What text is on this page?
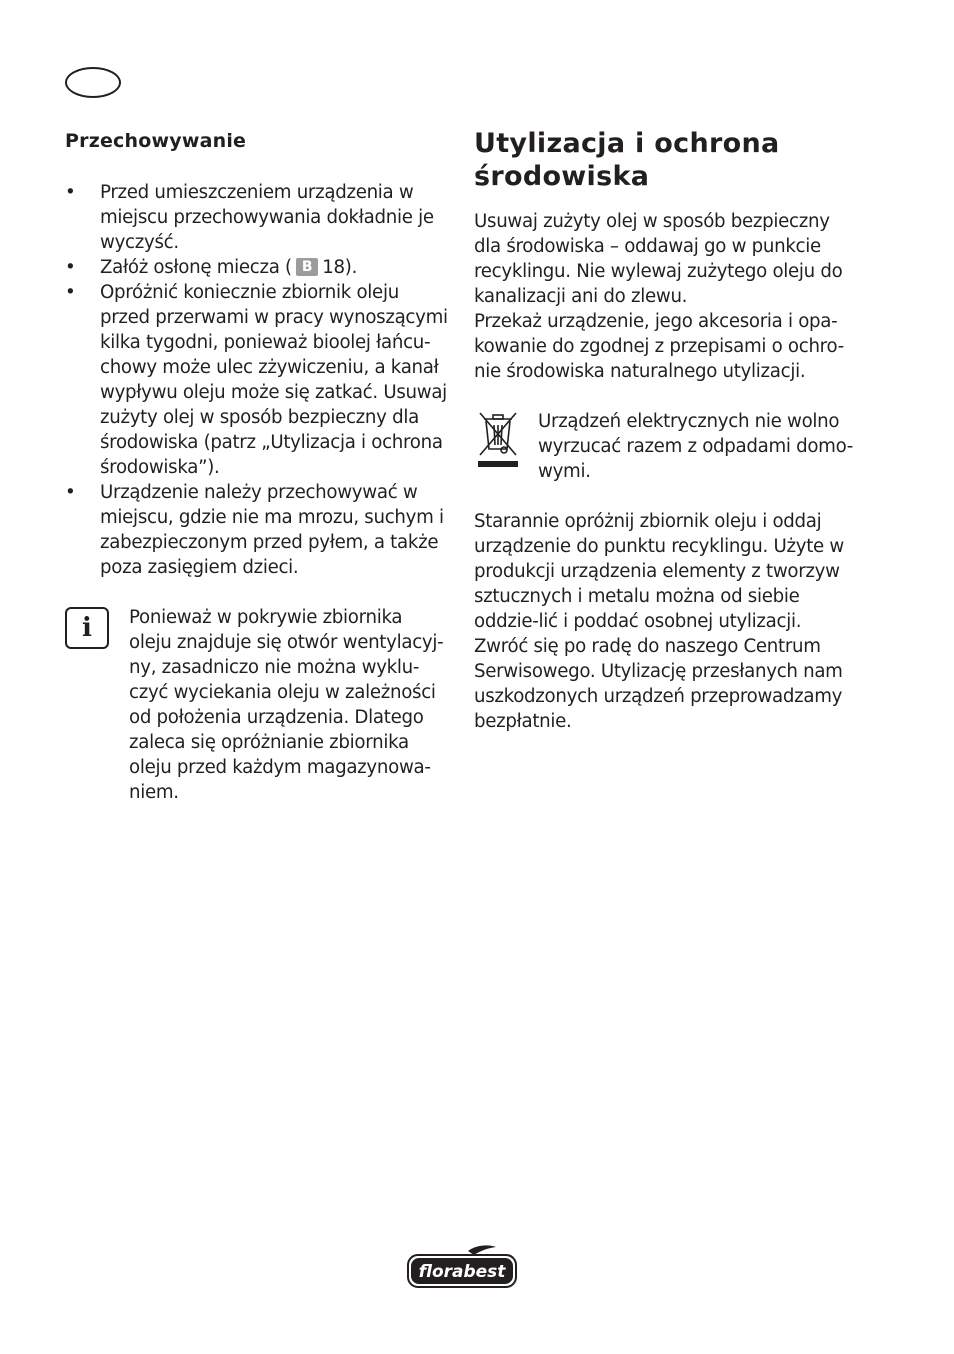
Przechowywanie
• Przed umieszczeniem urządzenia w miejscu przechowywania dokładnie je wyczyść.
• Załóż osłonę miecza ( B 18).
• Opróżnić koniecznie zbiornik oleju przed przerwami w pracy wynoszącymi kilka tygodni, ponieważ bioolej łańcu-chowy może ulec zżywiczeniu, a kanał wypływu oleju może się zatkać. Usuwaj zużyty olej w sposób bezpieczny dla środowiska (patrz „Utylizacja i ochrona środowiska”).
• Urządzenie należy przechowywać w miejscu, gdzie nie ma mrozu, suchym i zabezpieczonym przed pyłem, a także poza zasięgiem dzieci.
i	Ponieważ w pokrywie zbiornika oleju znajduje się otwór wentylacyj-ny, zasadniczo nie można wyklu-czyć wyciekania oleju w zależności od położenia urządzenia. Dlatego zaleca się opróżnianie zbiornika oleju przed każdym magazynowa-niem.
Utylizacja i ochrona środowiska
Usuwaj zużyty olej w sposób bezpieczny dla środowiska – oddawaj go w punkcie recyklingu. Nie wylewaj zużytego oleju do kanalizacji ani do zlewu.
Przekaż urządzenie, jego akcesoria i opa-kowanie do zgodnej z przepisami o ochro-nie środowiska naturalnego utylizacji.
Urządzeń elektrycznych nie wolno wyrzucać razem z odpadami domo-wymi.
Starannie opróżnij zbiornik oleju i oddaj urządzenie do punktu recyklingu. Użyte w produkcji urządzenia elementy z tworzyw sztucznych i metalu można od siebie oddzie-lić i poddać osobnej utylizacji. Zwróć się po radę do naszego Centrum Serwisowego. Utylizację przesłanych nam uszkodzonych urządzeń przeprowadzamy bezpłatnie.
florabest
